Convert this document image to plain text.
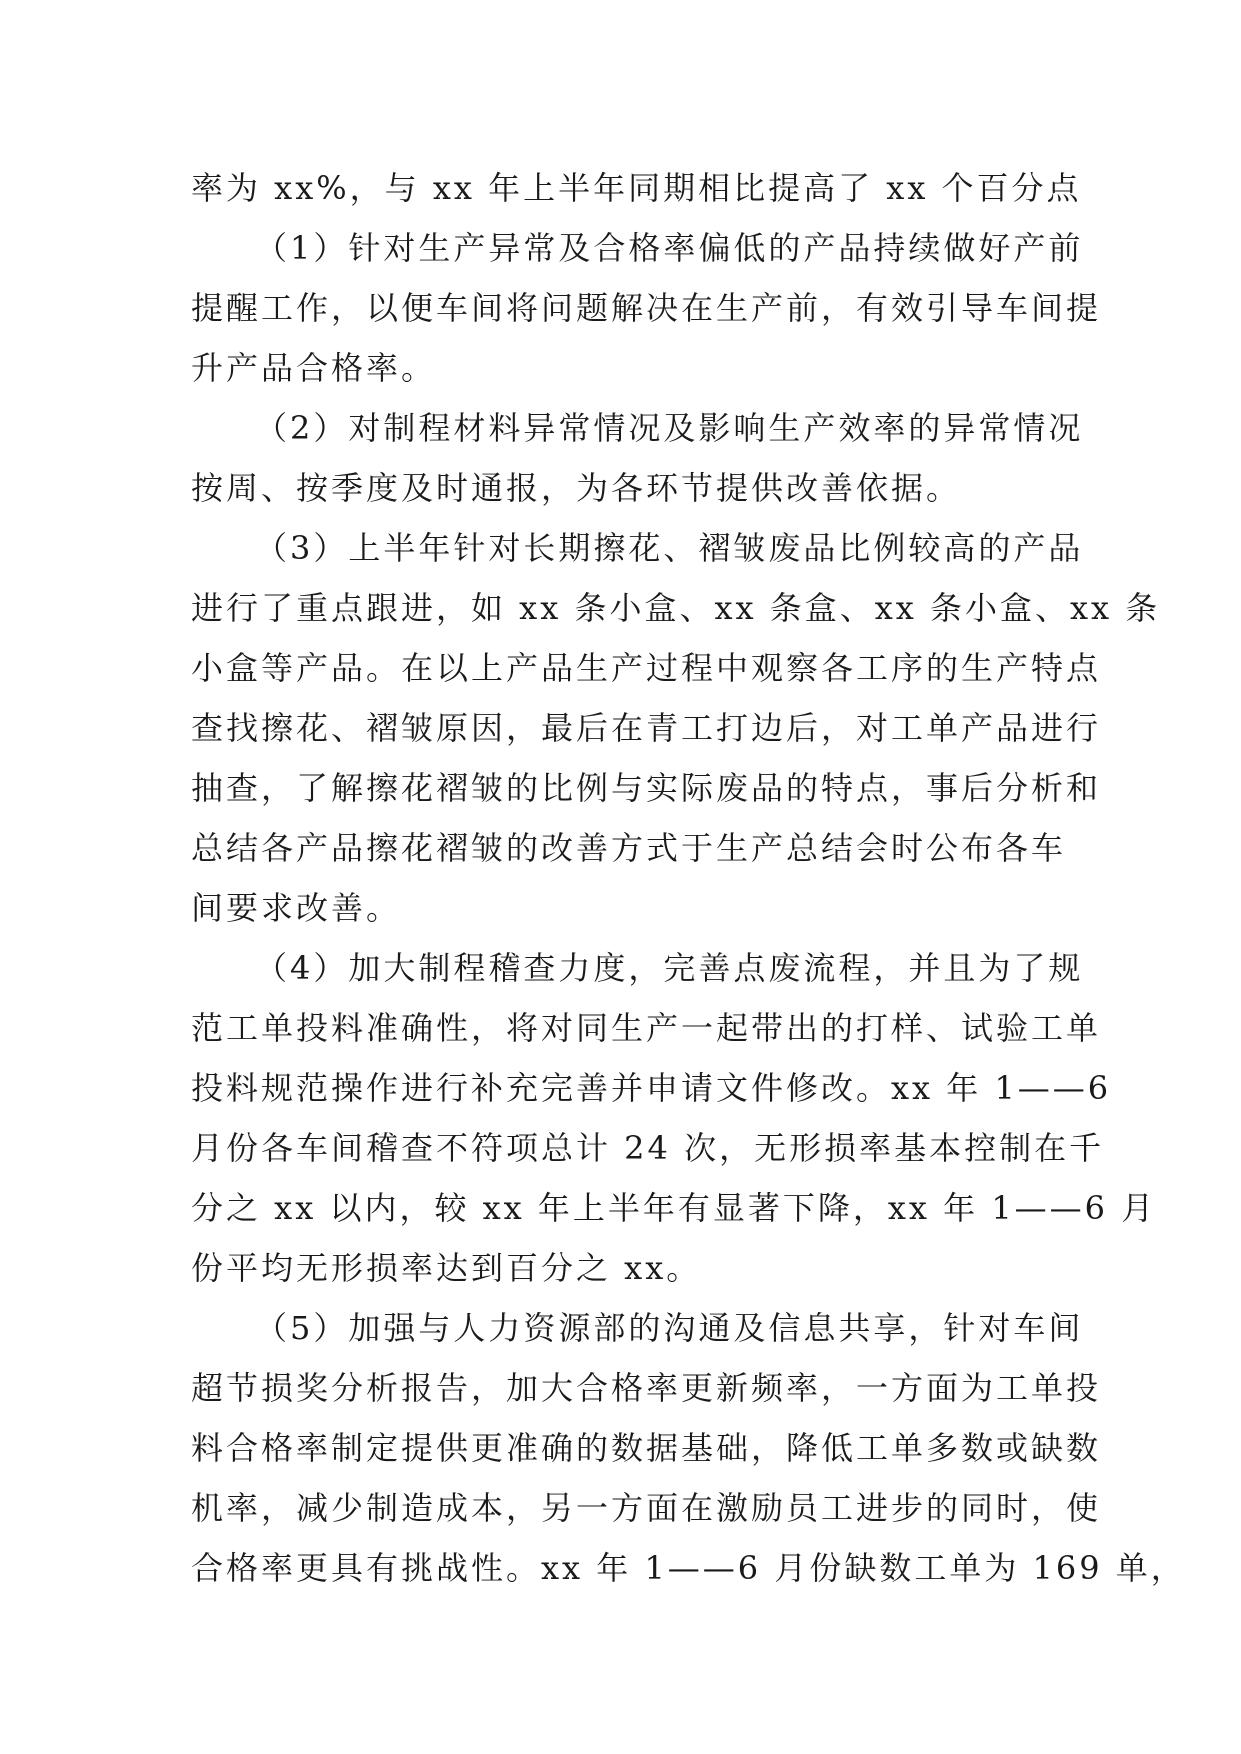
率为 xx%，与 xx 年上半年同期相比提高了 xx 个百分点
（1）针对生产异常及合格率偏低的产品持续做好产前
提醒工作，以便车间将问题解决在生产前，有效引导车间提
升产品合格率。
（2）对制程材料异常情况及影响生产效率的异常情况
按周、按季度及时通报，为各环节提供改善依据。
（3）上半年针对长期擦花、褶皱废品比例较高的产品
进行了重点跟进，如 xx 条小盒、xx 条盒、xx 条小盒、xx 条
小盒等产品。在以上产品生产过程中观察各工序的生产特点
查找擦花、褶皱原因，最后在青工打边后，对工单产品进行
抽查，了解擦花褶皱的比例与实际废品的特点，事后分析和
总结各产品擦花褶皱的改善方式于生产总结会时公布各车
间要求改善。
（4）加大制程稽查力度，完善点废流程，并且为了规
范工单投料准确性，将对同生产一起带出的打样、试验工单
投料规范操作进行补充完善并申请文件修改。xx 年 1——6
月份各车间稽查不符项总计 24 次，无形损率基本控制在千
分之 xx 以内，较 xx 年上半年有显著下降，xx 年 1——6 月
份平均无形损率达到百分之 xx。
（5）加强与人力资源部的沟通及信息共享，针对车间
超节损奖分析报告，加大合格率更新频率，一方面为工单投
料合格率制定提供更准确的数据基础，降低工单多数或缺数
机率，减少制造成本，另一方面在激励员工进步的同时，使
合格率更具有挑战性。xx 年 1——6 月份缺数工单为 169 单，
